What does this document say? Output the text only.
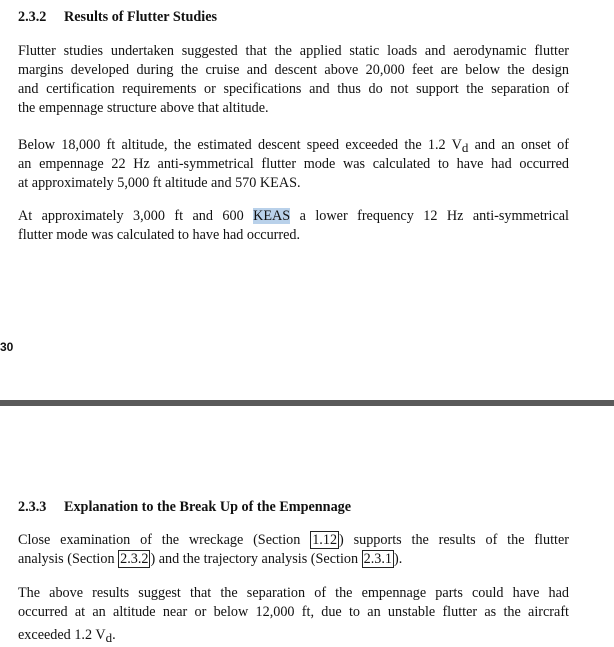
2.3.2 Results of Flutter Studies
Flutter studies undertaken suggested that the applied static loads and aerodynamic flutter
margins developed during the cruise and descent above 20,000 feet are below the design
and certification requirements or specifications and thus do not support the separation of
the empennage structure above that altitude.
Below 18,000 ft altitude, the estimated descent speed exceeded the 1.2 Vd and an onset of
an empennage 22 Hz anti-symmetrical flutter mode was calculated to have had occurred
at approximately 5,000 ft altitude and 570 KEAS.
At approximately 3,000 ft and 600 KEAS a lower frequency 12 Hz anti-symmetrical
flutter mode was calculated to have had occurred.
30
2.3.3 Explanation to the Break Up of the Empennage
Close examination of the wreckage (Section 1.12 ) supports the results of the flutter
analysis (Section 2.3.2 ) and the trajectory analysis (Section 2.3.1 ).
The above results suggest that the separation of the empennage parts could have had
occurred at an altitude near or below 12,000 ft, due to an unstable flutter as the aircraft
exceeded 1.2 Vd.
